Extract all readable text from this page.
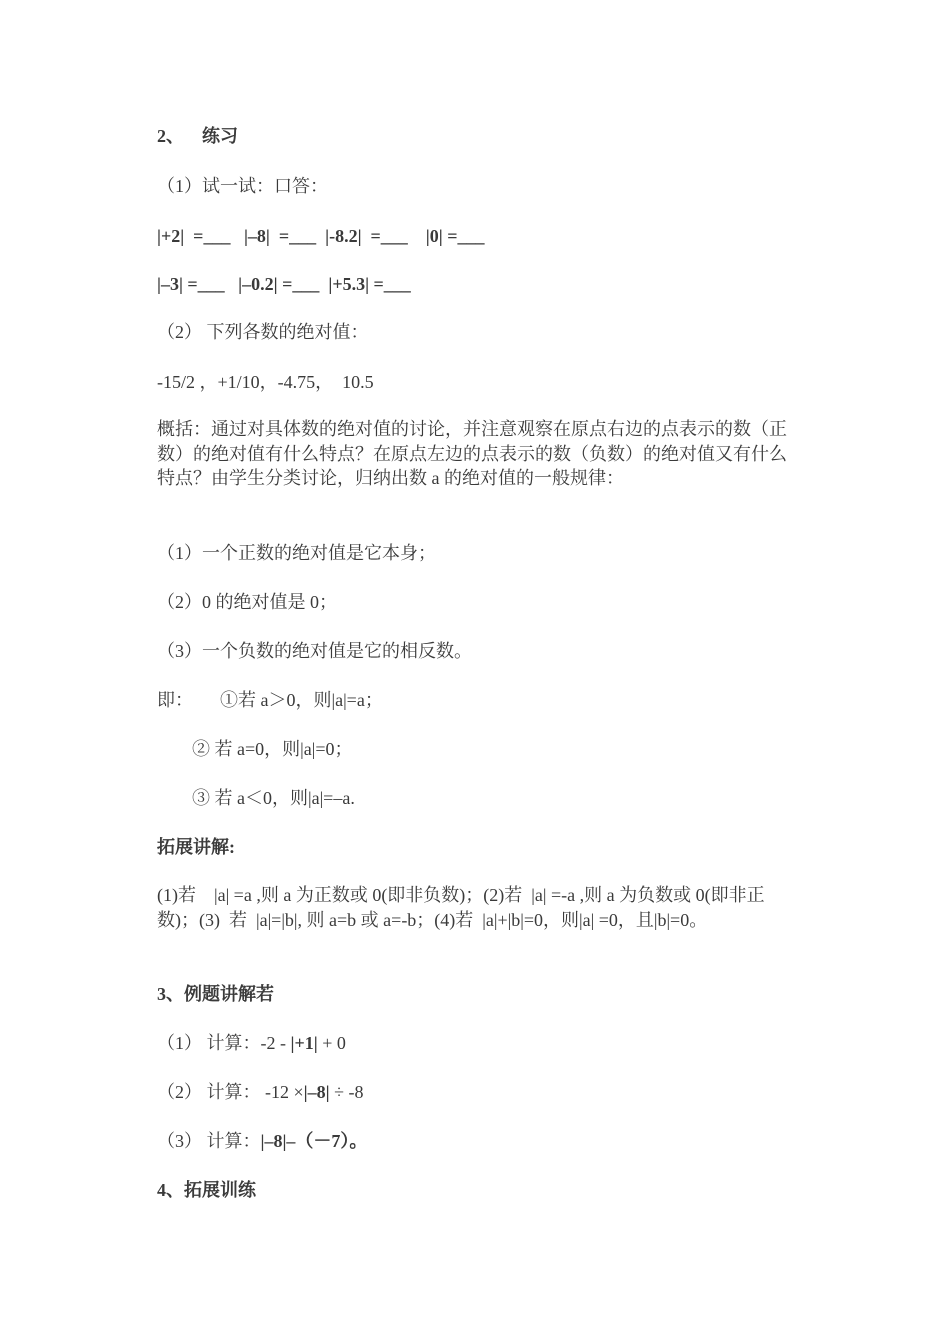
2、    练习
（1）试一试：口答：
|+2|  =___   |–8|  =___  |-8.2|  =___    |0| =___
|–3| =___   |–0.2| =___  |+5.3| =___
（2） 下列各数的绝对值：
-15/2 ，+1/10，-4.75，  10.5
概括：通过对具体数的绝对值的讨论，并注意观察在原点右边的点表示的数（正数）的绝对值有什么特点？在原点左边的点表示的数（负数）的绝对值又有什么特点？由学生分类讨论，归纳出数 a 的绝对值的一般规律：
（1）一个正数的绝对值是它本身；
（2）0 的绝对值是 0；
（3）一个负数的绝对值是它的相反数。
即：      ①若 a＞0，则|a|=a；
② 若 a=0，则|a|=0；
③ 若 a＜0，则|a|=–a.
拓展讲解:
(1)若    |a| =a ,则 a 为正数或 0(即非负数)；(2)若  |a| =-a ,则 a 为负数或 0(即非正数)；(3)  若  |a|=|b|, 则 a=b 或 a=-b；(4)若  |a|+|b|=0，则|a| =0，且|b|=0。
3、例题讲解若
（1） 计算：-2 - |+1| + 0
（2） 计算： -12 ×|–8| ÷ -8
（3） 计算：|–8|–（－7）。
4、拓展训练
